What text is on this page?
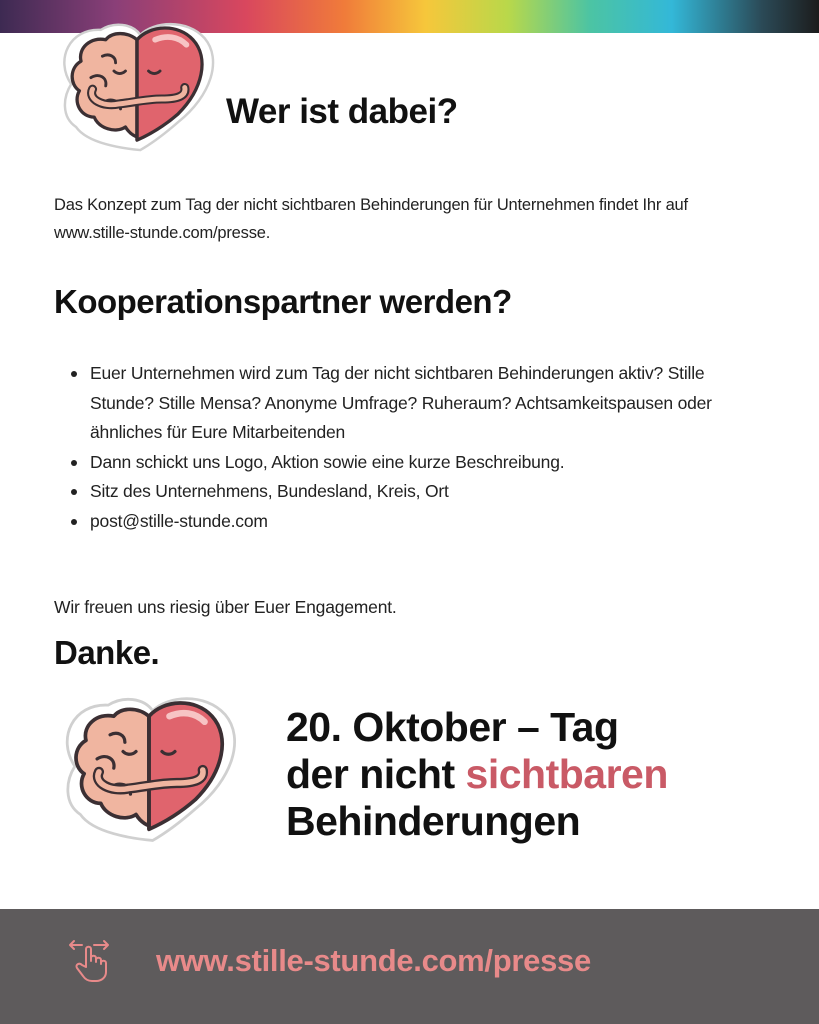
Wer ist dabei?

Das Konzept zum Tag der nicht sichtbaren Behinderungen für Unternehmen findet Ihr auf www.stille-stunde.com/presse.

Kooperationspartner werden?
Euer Unternehmen wird zum Tag der nicht sichtbaren Behinderungen aktiv? Stille Stunde? Stille Mensa? Anonyme Umfrage? Ruheraum? Achtsamkeitspausen oder ähnliches für Eure Mitarbeitenden
Dann schickt uns Logo, Aktion sowie eine kurze Beschreibung.
Sitz des Unternehmens, Bundesland, Kreis, Ort
post@stille-stunde.com

Wir freuen uns riesig über Euer Engagement.

Danke.
20. Oktober – Tag
der nicht sichtbaren
Behinderungen
www.stille-stunde.com/presse
